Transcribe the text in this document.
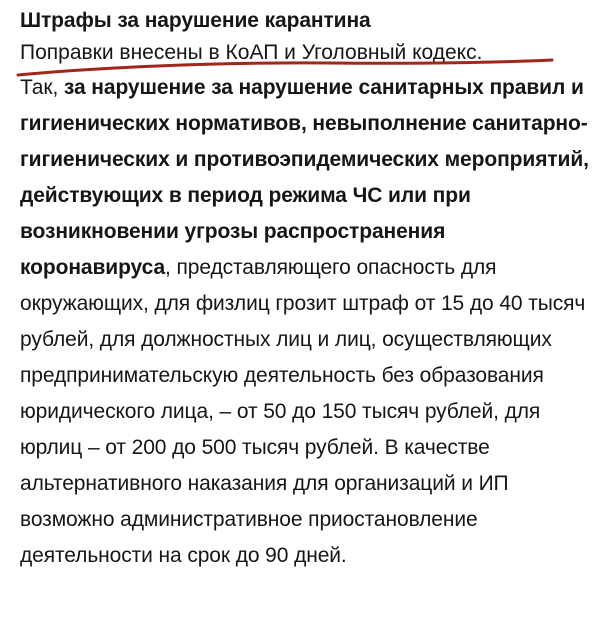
Штрафы за нарушение карантина
Поправки внесены в КоАП и Уголовный кодекс.

Так, за нарушение за нарушение санитарных правил и гигиенических нормативов, невыполнение санитарно-гигиенических и противоэпидемических мероприятий, действующих в период режима ЧС или при возникновении угрозы распространения коронавируса, представляющего опасность для окружающих, для физлиц грозит штраф от 15 до 40 тысяч рублей, для должностных лиц и лиц, осуществляющих предпринимательскую деятельность без образования юридического лица, – от 50 до 150 тысяч рублей, для юрлиц – от 200 до 500 тысяч рублей. В качестве альтернативного наказания для организаций и ИП возможно административное приостановление деятельности на срок до 90 дней.
